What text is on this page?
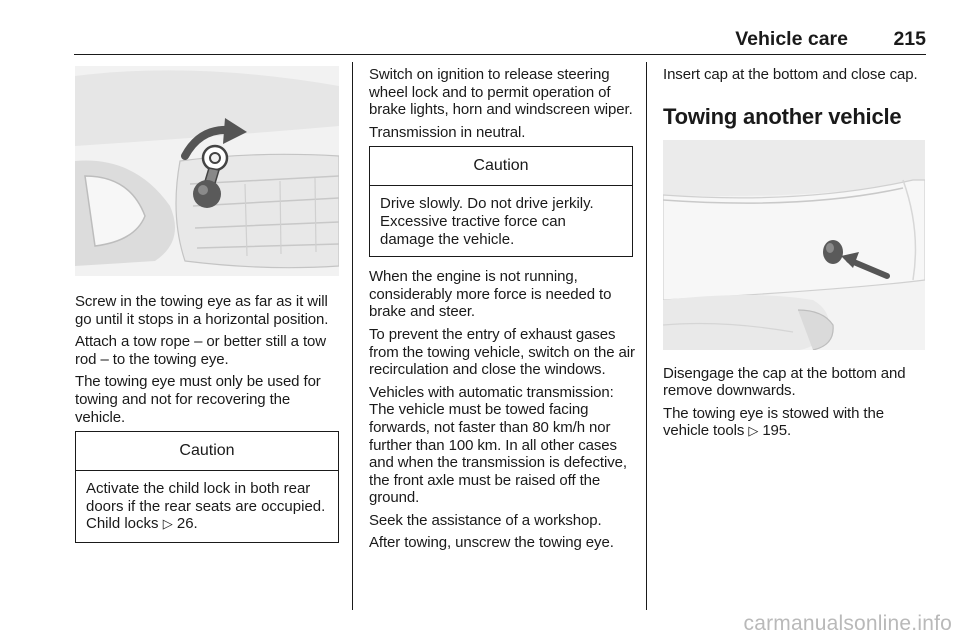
Vehicle care 215

Screw in the towing eye as far as it will go until it stops in a horizontal position.

Attach a tow rope – or better still a tow rod – to the towing eye.

The towing eye must only be used for towing and not for recovering the vehicle.

Caution
Activate the child lock in both rear doors if the rear seats are occupied. Child locks ▷ 26.

Switch on ignition to release steering wheel lock and to permit operation of brake lights, horn and windscreen wiper.

Transmission in neutral.

Caution
Drive slowly. Do not drive jerkily. Excessive tractive force can damage the vehicle.

When the engine is not running, considerably more force is needed to brake and steer.

To prevent the entry of exhaust gases from the towing vehicle, switch on the air recirculation and close the windows.

Vehicles with automatic transmission: The vehicle must be towed facing forwards, not faster than 80 km/h nor further than 100 km. In all other cases and when the transmission is defective, the front axle must be raised off the ground.

Seek the assistance of a workshop.

After towing, unscrew the towing eye.

Insert cap at the bottom and close cap.

Towing another vehicle

Disengage the cap at the bottom and remove downwards.

The towing eye is stowed with the vehicle tools ▷ 195.

carmanualsonline.info
